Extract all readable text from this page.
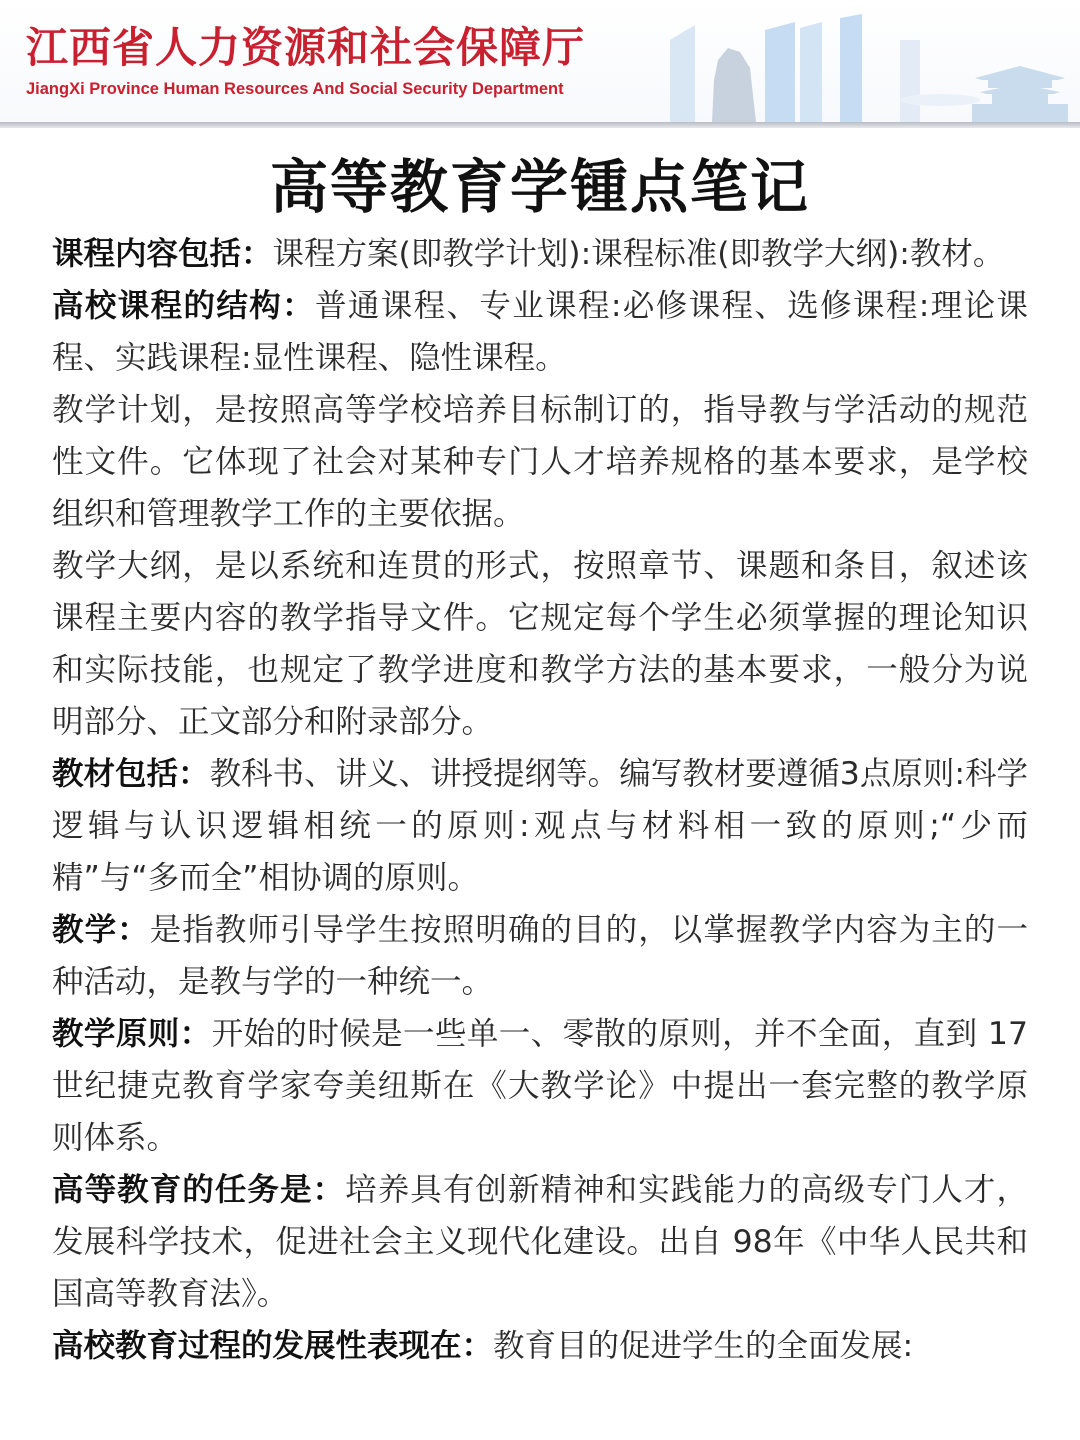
江西省人力资源和社会保障厅
JiangXi Province Human Resources And Social Security Department
高等教育学锺点笔记

课程内容包括：课程方案(即教学计划):课程标准(即教学大纲):教材。

高校课程的结构：普通课程、专业课程:必修课程、选修课程:理论课程、实践课程:显性课程、隐性课程。

教学计划，是按照高等学校培养目标制订的，指导教与学活动的规范性文件。它体现了社会对某种专门人才培养规格的基本要求，是学校组织和管理教学工作的主要依据。

教学大纲，是以系统和连贯的形式，按照章节、课题和条目，叙述该课程主要内容的教学指导文件。它规定每个学生必须掌握的理论知识和实际技能，也规定了教学进度和教学方法的基本要求，一般分为说明部分、正文部分和附录部分。

教材包括：教科书、讲义、讲授提纲等。编写教材要遵循3点原则:科学逻辑与认识逻辑相统一的原则:观点与材料相一致的原则;“少而精”与“多而全”相协调的原则。

教学：是指教师引导学生按照明确的目的，以掌握教学内容为主的一种活动，是教与学的一种统一。

教学原则：开始的时候是一些单一、零散的原则，并不全面，直到 17 世纪捷克教育学家夸美纽斯在《大教学论》中提出一套完整的教学原则体系。

高等教育的任务是：培养具有创新精神和实践能力的高级专门人才，发展科学技术，促进社会主义现代化建设。出自 98年《中华人民共和国高等教育法》。

高校教育过程的发展性表现在：教育目的促进学生的全面发展:
